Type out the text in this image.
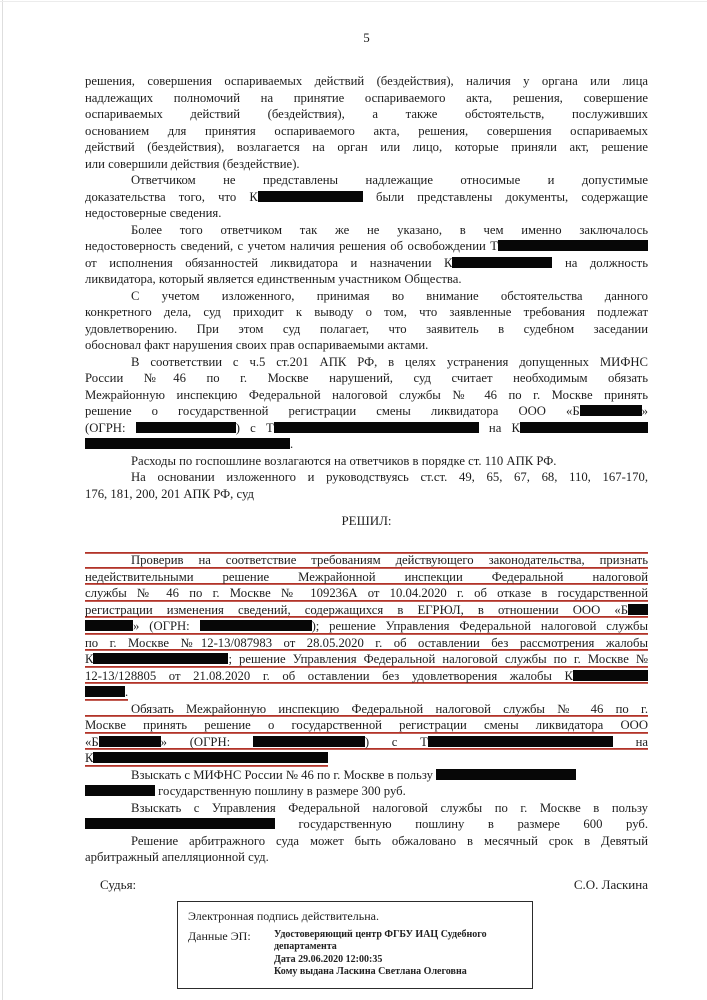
5
решения, совершения оспариваемых действий (бездействия), наличия у органа или лица
надлежащих полномочий на принятие оспариваемого акта, решения, совершение
оспариваемых действий (бездействия), а также обстоятельств, послуживших
основанием для принятия оспариваемого акта, решения, совершения оспариваемых
действий (бездействия), возлагается на орган или лицо, которые приняли акт, решение
или совершили действия (бездействие).
Ответчиком не представлены надлежащие относимые и допустимые
доказательства того, что К	были представлены документы, содержащие
недостоверные сведения.
Более того ответчиком так же не указано, в чем именно заключалось
недостоверность сведений, с учетом наличия решения об освобождении Т
от исполнения обязанностей ликвидатора и назначении К	на должность
ликвидатора, который является единственным участником Общества.
С учетом изложенного, принимая во внимание обстоятельства данного
конкретного дела, суд приходит к выводу о том, что заявленные требования подлежат
удовлетворению. При этом суд полагает, что заявитель в судебном заседании
обосновал факт нарушения своих прав оспариваемыми актами.
В соответствии с ч.5 ст.201 АПК РФ, в целях устранения допущенных МИФНС
России №46 по г. Москве нарушений, суд считает необходимым обязать
Межрайонную инспекцию Федеральной налоговой службы № 46 по г. Москве принять
решение о государственной регистрации смены ликвидатора ООО «Б	»
(ОГРН:	) с Т	на К
.
Расходы по госпошлине возлагаются на ответчиков в порядке ст. 110 АПК РФ.
На основании изложенного и руководствуясь ст.ст. 49, 65, 67, 68, 110, 167-170,
176, 181, 200, 201 АПК РФ, суд
РЕШИЛ:
Проверив на соответствие требованиям действующего законодательства, признать
недействительными решение Межрайонной инспекции Федеральной налоговой
службы № 46 по г. Москве № 109236А от 10.04.2020 г. об отказе в государственной
регистрации изменения сведений, содержащихся в ЕГРЮЛ, в отношении ООО «Б
» (ОГРН:	); решение Управления Федеральной налоговой службы
по г. Москве №12-13/087983 от 28.05.2020 г. об оставлении без рассмотрения жалобы
К	; решение Управления Федеральной налоговой службы по г. Москве №
12-13/128805 от 21.08.2020 г. об оставлении без удовлетворения жалобы К
.
Обязать Межрайонную инспекцию Федеральной налоговой службы № 46 по г.
Москве принять решение о государственной регистрации смены ликвидатора ООО
«Б	» (ОГРН:	) с Т	на
К
Взыскать с МИФНС России № 46 по г. Москве в пользу
государственную пошлину в размере 300 руб.
Взыскать с Управления Федеральной налоговой службы по г. Москве в пользу
государственную пошлину в размере 600 руб.
Решение арбитражного суда может быть обжаловано в месячный срок в Девятый
арбитражный апелляционной суд.
Судья:	С.О. Ласкина
Электронная подпись действительна.
Данные ЭП:	Удостоверяющий центр ФГБУ ИАЦ Судебного департамента
Дата 29.06.2020 12:00:35
Кому выдана Ласкина Светлана Олеговна
